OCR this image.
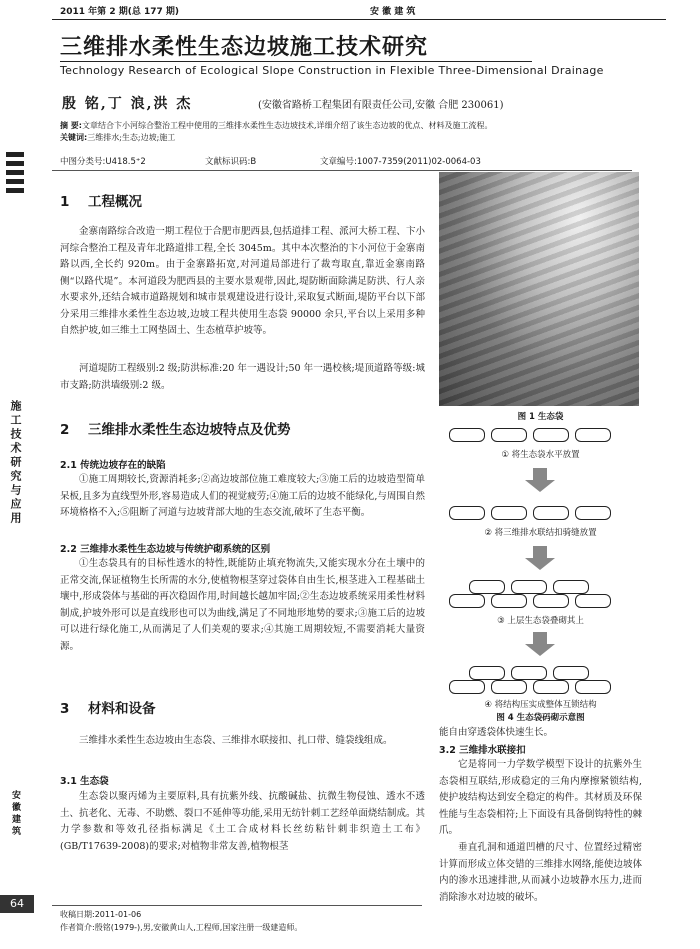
2011 年第 2 期(总 177 期)	安 徽 建 筑
三维排水柔性生态边坡施工技术研究
Technology Research of Ecological Slope Construction in Flexible Three-Dimensional Drainage
殷 铭,丁 浪,洪 杰	(安徽省路桥工程集团有限责任公司,安徽 合肥 230061)
摘 要:文章结合卞小河综合整治工程中使用的三维排水柔性生态边坡技术,详细介绍了该生态边坡的优点、材料及施工流程。
关键词:三维排水;生态;边坡;施工
中图分类号:U418.5⁺2	文献标识码:B	文章编号:1007-7359(2011)02-0064-03
施工技术研究与应用
安徽建筑
1 工程概况
金寨南路综合改造一期工程位于合肥市肥西县,包括道排工程、派河大桥工程、卞小河综合整治工程及青年北路道排工程,全长 3045m。其中本次整治的卞小河位于金寨南路以西,全长约 920m。由于金寨路拓宽,对河道局部进行了裁弯取直,靠近金寨南路侧“以路代堤”。本河道段为肥西县的主要水景观带,因此,堤防断面除满足防洪、行人亲水要求外,还结合城市道路规划和城市景观建设进行设计,采取复式断面,堤防平台以下部分采用三维排水柔性生态边坡,边坡工程共使用生态袋 90000 余只,平台以上采用多种自然护坡,如三维土工网垫固土、生态植草护坡等。
河道堤防工程级别:2 级;防洪标准:20 年一遇设计;50 年一遇校核;堤顶道路等级:城市支路;防洪墙级别:2 级。
2 三维排水柔性生态边坡特点及优势
2.1 传统边坡存在的缺陷
①施工周期较长,资源消耗多;②高边坡部位施工难度较大;③施工后的边坡造型简单呆板,且多为直线型外形,容易造成人们的视觉疲劳;④施工后的边坡不能绿化,与周围自然环境格格不入;⑤阻断了河道与边坡背部大地的生态交流,破坏了生态平衡。
2.2 三维排水柔性生态边坡与传统护砌系统的区别
①生态袋具有的目标性透水的特性,既能防止填充物流失,又能实现水分在土壤中的正常交流,保证植物生长所需的水分,使植物根茎穿过袋体自由生长,根茎进入工程基础土壤中,形成袋体与基础的再次稳固作用,时间越长越加牢固;②生态边坡系统采用柔性材料制成,护坡外形可以是直线形也可以为曲线,满足了不同地形地势的要求;③施工后的边坡可以进行绿化施工,从而满足了人们美观的要求;④其施工周期较短,不需要消耗大量资源。
3 材料和设备
三维排水柔性生态边坡由生态袋、三维排水联接扣、扎口带、缝袋线组成。
3.1 生态袋
生态袋以聚丙烯为主要原料,具有抗紫外线、抗酸碱盐、抗微生物侵蚀、透水不透土、抗老化、无毒、不助燃、裂口不延伸等功能,采用无纺针刺工艺经单面烧结制成。其力学参数和等效孔径指标满足《土工合成材料长丝纺粘针刺非织造土工布》(GB/T17639-2008)的要求;对植物非常友善,植物根茎
图 1 生态袋
① 将生态袋水平放置
② 将三维排水联结扣骑缝放置
③ 上层生态袋叠砌其上
④ 将结构压实成整体互锁结构
图 4 生态袋码砌示意图
能自由穿透袋体快速生长。
3.2 三维排水联接扣
它是将同一力学数学模型下设计的抗紫外生态袋相互联结,形成稳定的三角内摩擦紧锁结构,使护坡结构达到安全稳定的构件。其材质及环保性能与生态袋相符;上下面设有具备倒钩特性的棘爪。
垂直孔洞和通道凹槽的尺寸、位置经过精密计算而形成立体交错的三维排水网络,能使边坡体内的渗水迅速排泄,从而减小边坡静水压力,进而消除渗水对边坡的破坏。
收稿日期:2011-01-06
作者简介:殷铭(1979-),男,安徽黄山人,工程师,国家注册一级建造师。
64
